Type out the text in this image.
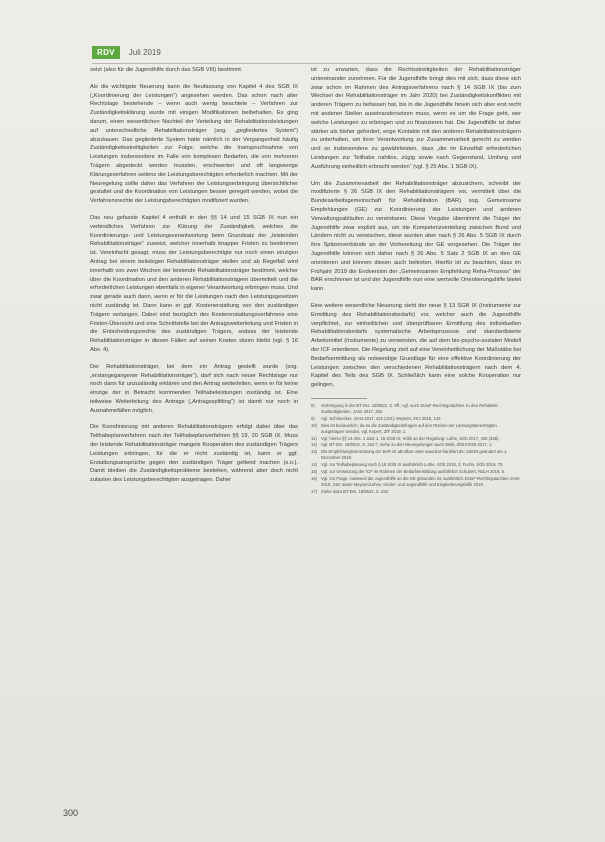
RDV	Juli 2019

setzt (also für die Jugendhilfe durch das SGB VIII) bestimmt.

Als die wichtigste Neuerung kann die Neufassung von Kapitel 4 des SGB IX („Koordinierung der Leistungen“) angesehen werden. Das schon nach alter Rechtslage bestehende – wenn auch wenig beachtete – Verfahren zur Zuständigkeitsklärung wurde mit einigen Modifikationen beibehalten. Es ging darum, einen wesentlichen Nachteil der Verteilung der Rehabilitationsleistungen auf unterschiedliche Rehabilitationsträger (sog. „gegliedertes System“) abzubauen. Das gegliederte System hatte nämlich in der Vergangenheit häufig Zuständigkeitsstreitigkeiten zur Folge, welche die Inanspruchnahme von Leistungen insbesondere im Falle von komplexen Bedarfen, die von mehreren Trägern abgedeckt werden mussten, erschwerten und oft langwierige Klärungsverfahren seitens der Leistungsberechtigten erforderlich machten. Mit der Neuregelung sollte daher das Verfahren der Leistungserbringung übersichtlicher gestaltet und die Koordination von Leistungen besser geregelt werden, wobei die Verfahrensrechte der Leistungsberechtigten modifiziert wurden.

Das neu gefasste Kapitel 4 enthält in den §§ 14 und 15 SGB IX nun ein verbindliches Verfahren zur Klärung der Zuständigkeit, welches die Koordinierungs- und Leistungsverantwortung beim Grundsatz der „leistenden Rehabilitationsträger“ zuweist, welcher innerhalb knapper Fristen zu bestimmen ist. Vereinfacht gesagt, muss der Leistungsberechtigte nur noch einen einzigen Antrag bei einem beliebigen Rehabilitationsträger stellen und ab Regelfall wird innerhalb von zwei Wochen der leistende Rehabilitationsträger bestimmt, welcher über die Koordination und den anderen Rehabilitationsträgern übermittelt und die erforderlichen Leistungen ebenfalls in eigener Verantwortung erbringen muss. Und zwar gerade auch dann, wenn er für die Leistungen nach den Leistungsgesetzen nicht zuständig ist. Dann kann er ggf. Kostenerstattung von den zuständigen Trägern verlangen. Dabei sind bezüglich des Kostenerstattungsverfahrens eine Fristen-Übersicht und eine Schnittstelle bei der Antragsweiterleitung und Fristen in die Entscheidungsrechte des zuständigen Trägers, sodass der leistende Rehabilitationsträger in diesen Fällen auf seinen Kosten sitzen bleibt (vgl. § 16 Abs. 4).

Der Rehabilitationsträger, bei dem ein Antrag gestellt wurde (sog. „erstangegangener Rehabilitationsträger“), darf sich nach neuer Rechtslage nur noch dann für unzuständig erklären und den Antrag weiterleiten, wenn er für keine einzige der in Betracht kommenden Teilhabeleistungen zuständig ist. Eine teilweise Weiterleitung des Antrags („Antragssplitting“) ist damit nur noch in Ausnahmefällen möglich.

Die Koordinierung mit anderen Rehabilitationsträgern erfolgt dabei über das Teilhabeplanverfahren nach der Teilhabeplanverfahren §§ 19, 20 SGB IX. Muss der leistende Rehabilitationsträger mangels Kooperation des zuständigen Trägers Leistungen erbringen, für die er nicht zuständig ist, kann er ggf. Erstattungsansprüche gegen den zuständigen Träger geltend machen (s.o.). Damit bleiben die Zuständigkeitsprobleme bestehen, während aber doch nicht zulasten des Leistungsberechtigten ausgetragen. Daher

ist zu erwarten, dass die Rechtsstreitigkeiten der Rehabilitationsträger untereinander zunehmen. Für die Jugendhilfe bringt dies mit sich, dass diese sich zwar schon im Rahmen des Antragsverfahrens nach § 14 SGB IX (bis zum Wechsel der Rehabilitationsträger im Jahr 2020) bei Zuständigkeitskonflikten mit anderen Trägern zu befassen hat, bis in die Jugendhilfe hinein sich aber erst recht mit anderen Stellen auseinandersetzen muss, wenn es um die Frage geht, wer welche Leistungen zu erbringen und zu finanzieren hat. Die Jugendhilfe ist daher stärker als bisher gefordert, enge Kontakte mit den anderen Rehabilitationsträgern zu unterhalten, um ihrer Verantwortung zur Zusammenarbeit gerecht zu werden und so insbesondere zu gewährleisten, dass „die im Einzelfall erforderlichen Leistungen zur Teilhabe nahtlos, zügig sowie nach Gegenstand, Umfang und Ausführung einheitlich erbracht werden“ (vgl. § 25 Abs. 1 SGB IX).

Um die Zusammenarbeit der Rehabilitationsträger abzusichern, schreibt der modifizierte § 26 SGB IX den Rehabilitationsträgern vor, vermittelt über die Bundesarbeitsgemeinschaft für Rehabilitation (BAR) sog. Gemeinsame Empfehlungen (GE) zur Koordinierung der Leistungen und anderen Verwaltungsabläufen zu vereinbaren. Diese Vorgabe übernimmt die Träger der Jugendhilfe zwar explizit aus, um die Kompetenzverteilung zwischen Bund und Ländern nicht zu verwischen, diese wurden aber nach § 26 Abs. 5 SGB IX durch ihre Spitzenverbände an der Vorbereitung der GE vorgesehen. Die Träger der Jugendhilfe können sich daher nach § 26 Abs. 5 Satz 2 SGB IX an den GE orientieren und können diesen auch beitreten. Hierfür ist zu beachten, dass im Frühjahr 2019 die Endversion der „Gemeinsamen Empfehlung Reha-Prozess“ der BAR erschienen ist und der Jugendhilfe nun eine wertvolle Orientierungshilfe bietet kann.

Eine weitere wesentliche Neuerung sieht der neue § 13 SGB IX (Instrumente zur Ermittlung des Rehabilitationsbedarfs) vor, welcher auch die Jugendhilfe verpflichtet, zur einheitlichen und überprüfbaren Ermittlung des individuellen Rehabilitationsbedarfs systematische Arbeitsprozesse und standardisierte Arbeitsmittel (Instrumente) zu verwenden, die auf dem bio-psycho-sozialen Modell der ICF orientieren. Die Regelung zielt auf eine Vereinheitlichung der Maßstäbe bei Bedarfsermittlung als notwendige Grundlage für eine effektive Koordinierung der Leistungen zwischen den verschiedenen Rehabilitationsträgern nach dem 4. Kapitel des Teils des SGB IX. Schließlich kann eine solche Kooperation nur gelingen,

8)	Vorbringung in der BT-Drs. 18/9522, S. 9ff.; vgl. auch DIJuF-Rechtsgutachten zu den RehaBeitr. Zuständigkeiten, JAmt 2017, 304.
9)	Vgl. Schönecker, JAmt 2017, 422 (424); Meysen, ZKJ 2018, 143.
10) Dies ist bedauerlich, da so die Zuständigkeitsfragen auf den Rücken der Leistungsberechtigten ausgetragen werden; vgl. Kepert, ZfF 2019, 1.
11)	Vgl. hierzu §§ 14 Abs. 1 Satz 1, 15 SGB IX; Kritik an der Regelung: Luthe, SGb 2017, 435 (438).
12) Vgl. BT-Drs. 18/9522, S. 232 f.; siehe zu den Neuregelungen auch Welti, ZfSH/SGB 2017, 1.
13) Die Empfehlungsverordnung der BAR ist abrufbar unter www.bar-frankfurt.de; zuletzt geändert am 1. Dezember 2018.
14) Vgl. zur Teilhabeplanung nach § 19 SGB IX ausführlich Luthe, SGb 2018, 3; Fuchs, SGb 2019, 70.
15) Vgl. zur Umsetzung der ICF im Rahmen der Bedarfsermittlung ausführlich Schubert, RdLH 2018, 5.
16) Vgl. zur Frage, inwieweit die Jugendhilfe an die GE gebunden ist, ausführlich DIJuF-Rechtsgutachten JAmt 2018, 318; sowie Meysen/Lohse, Kinder- und Jugendhilfe und Eingliederungshilfe 2019.
17) Siehe dazu BT-Drs. 18/9522, S. 232.
300
